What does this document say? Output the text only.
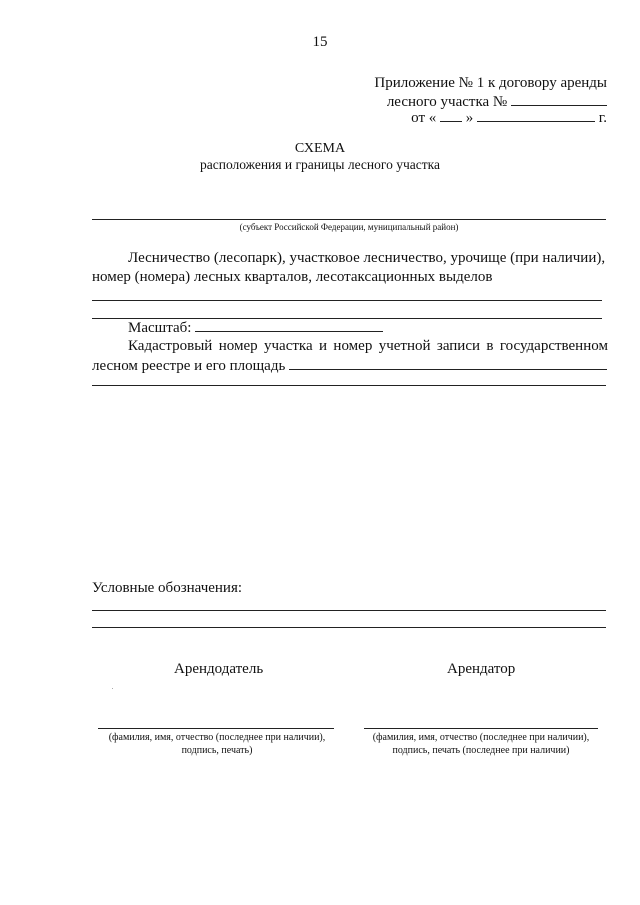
15
Приложение № 1 к договору аренды
лесного участка №
от « »	г.
СХЕМА
расположения и границы лесного участка
(субъект Российской Федерации, муниципальный район)
Лесничество (лесопарк), участковое лесничество, урочище (при наличии),
номер (номера) лесных кварталов, лесотаксационных выделов
Масштаб:
Кадастровый номер участка и номер учетной записи в государственном
лесном реестре и его площадь
Условные обозначения:
Арендодатель	Арендатор
(фамилия, имя, отчество (последнее при наличии),
подпись, печать)
(фамилия, имя, отчество (последнее при наличии),
подпись, печать (последнее при наличии)
